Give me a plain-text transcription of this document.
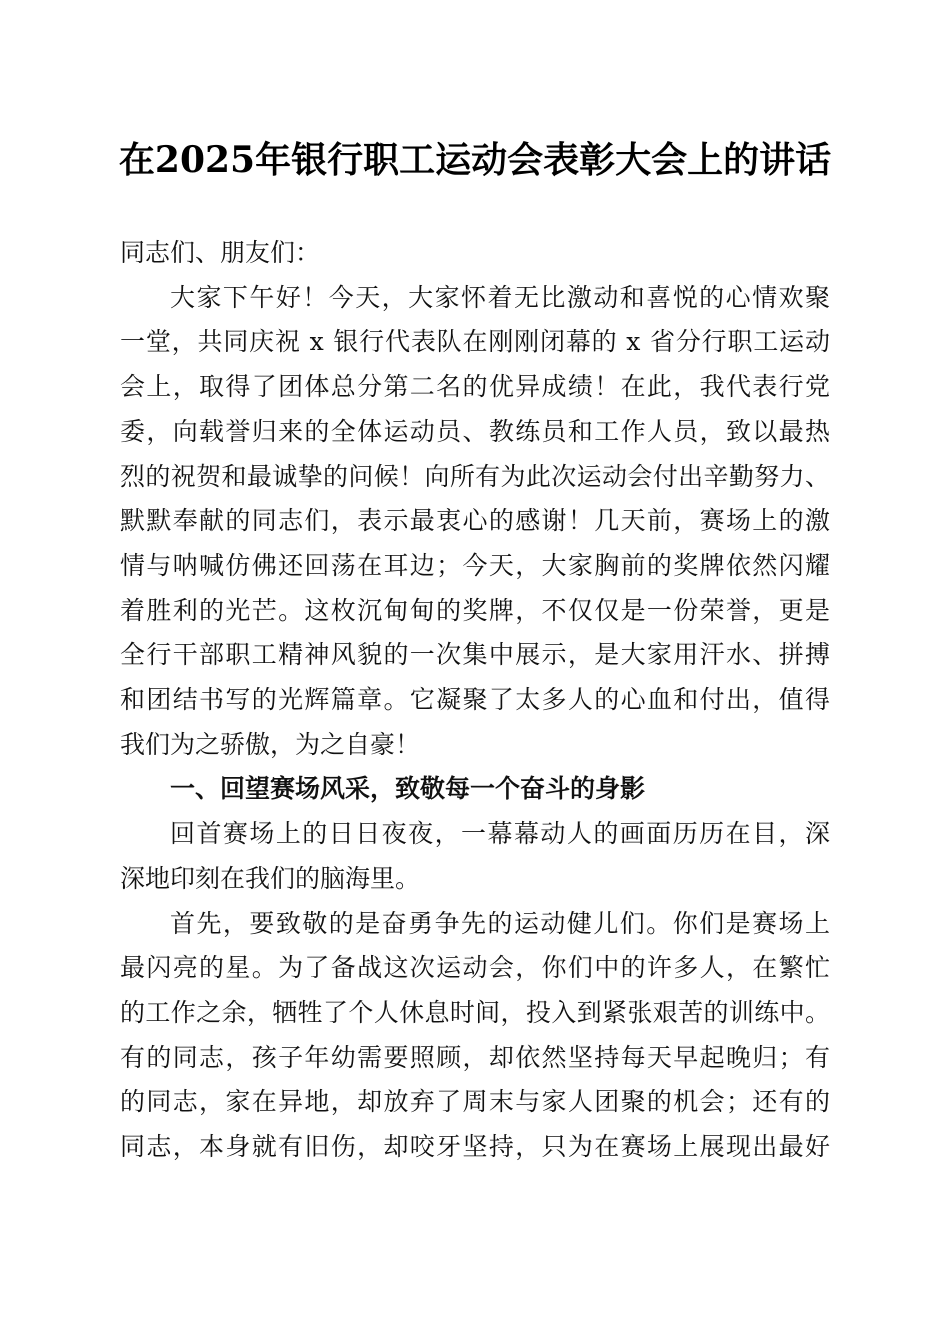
在2025年银行职工运动会表彰大会上的讲话
同志们、朋友们：
大家下午好！今天，大家怀着无比激动和喜悦的心情欢聚
一堂，共同庆祝 x 银行代表队在刚刚闭幕的 x 省分行职工运动
会上，取得了团体总分第二名的优异成绩！在此，我代表行党
委，向载誉归来的全体运动员、教练员和工作人员，致以最热
烈的祝贺和最诚挚的问候！向所有为此次运动会付出辛勤努力、
默默奉献的同志们，表示最衷心的感谢！几天前，赛场上的激
情与呐喊仿佛还回荡在耳边；今天，大家胸前的奖牌依然闪耀
着胜利的光芒。这枚沉甸甸的奖牌，不仅仅是一份荣誉，更是
全行干部职工精神风貌的一次集中展示，是大家用汗水、拼搏
和团结书写的光辉篇章。它凝聚了太多人的心血和付出，值得
我们为之骄傲，为之自豪！
一、回望赛场风采，致敬每一个奋斗的身影
回首赛场上的日日夜夜，一幕幕动人的画面历历在目，深
深地印刻在我们的脑海里。
首先，要致敬的是奋勇争先的运动健儿们。你们是赛场上
最闪亮的星。为了备战这次运动会，你们中的许多人，在繁忙
的工作之余，牺牲了个人休息时间，投入到紧张艰苦的训练中。
有的同志，孩子年幼需要照顾，却依然坚持每天早起晚归；有
的同志，家在异地，却放弃了周末与家人团聚的机会；还有的
同志，本身就有旧伤，却咬牙坚持，只为在赛场上展现出最好
